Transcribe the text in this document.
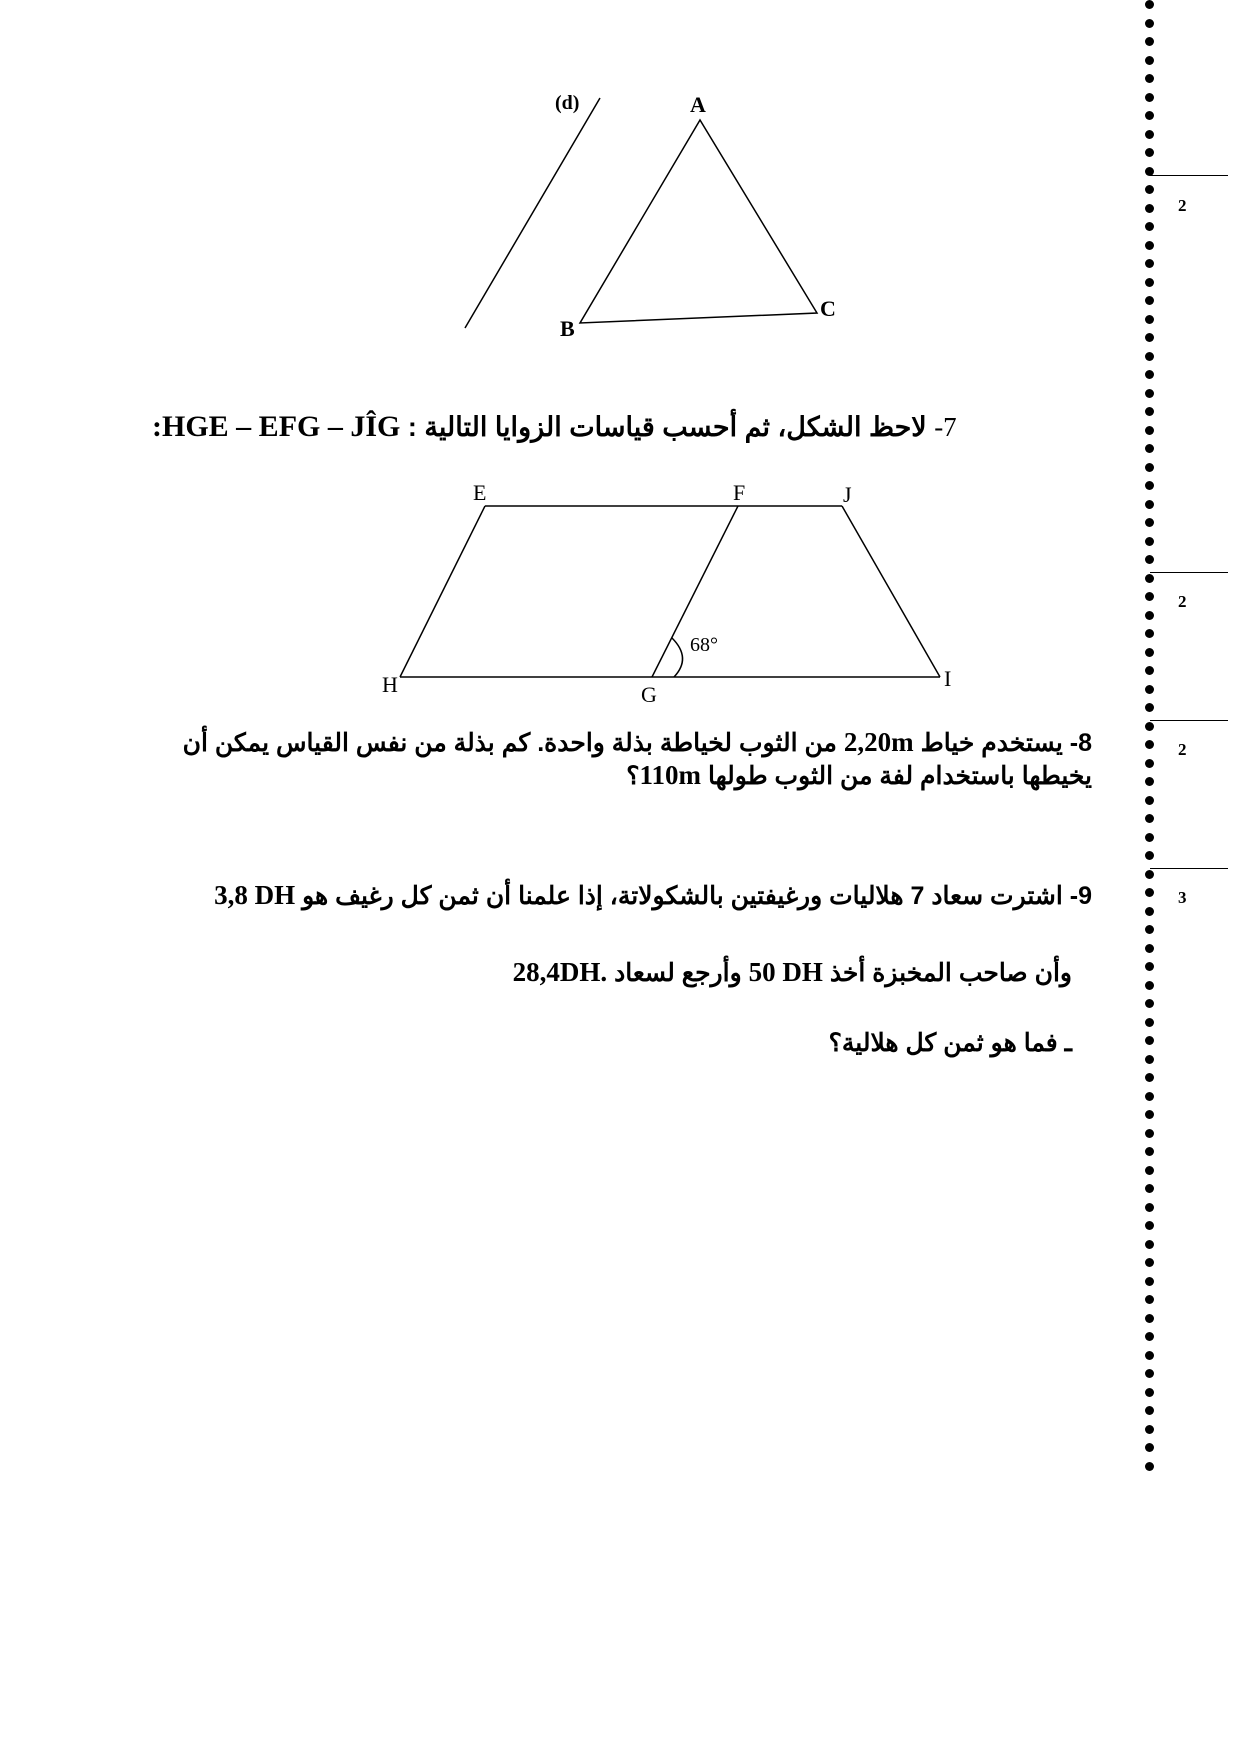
(d)	A
B
C
:HGE – EFG – JÎG لاحظ الشكل، ثم أحسب قياسات الزوايا التالية : -7
E	F	J
H	G
I
68°
-8 يستخدم خياط 2,20m من الثوب لخياطة بذلة واحدة. كم بذلة من نفس القياس يمكن أن
يخيطها باستخدام لفة من الثوب طولها 110m؟
-9 اشترت سعاد 7 هلاليات ورغيفتين بالشكولاتة، إذا علمنا أن ثمن كل رغيف هو 3,8 DH
وأن صاحب المخبزة أخذ 50 DH وأرجع لسعاد 28,4DH.
ـ فما هو ثمن كل هلالية؟
2
2
2
3
